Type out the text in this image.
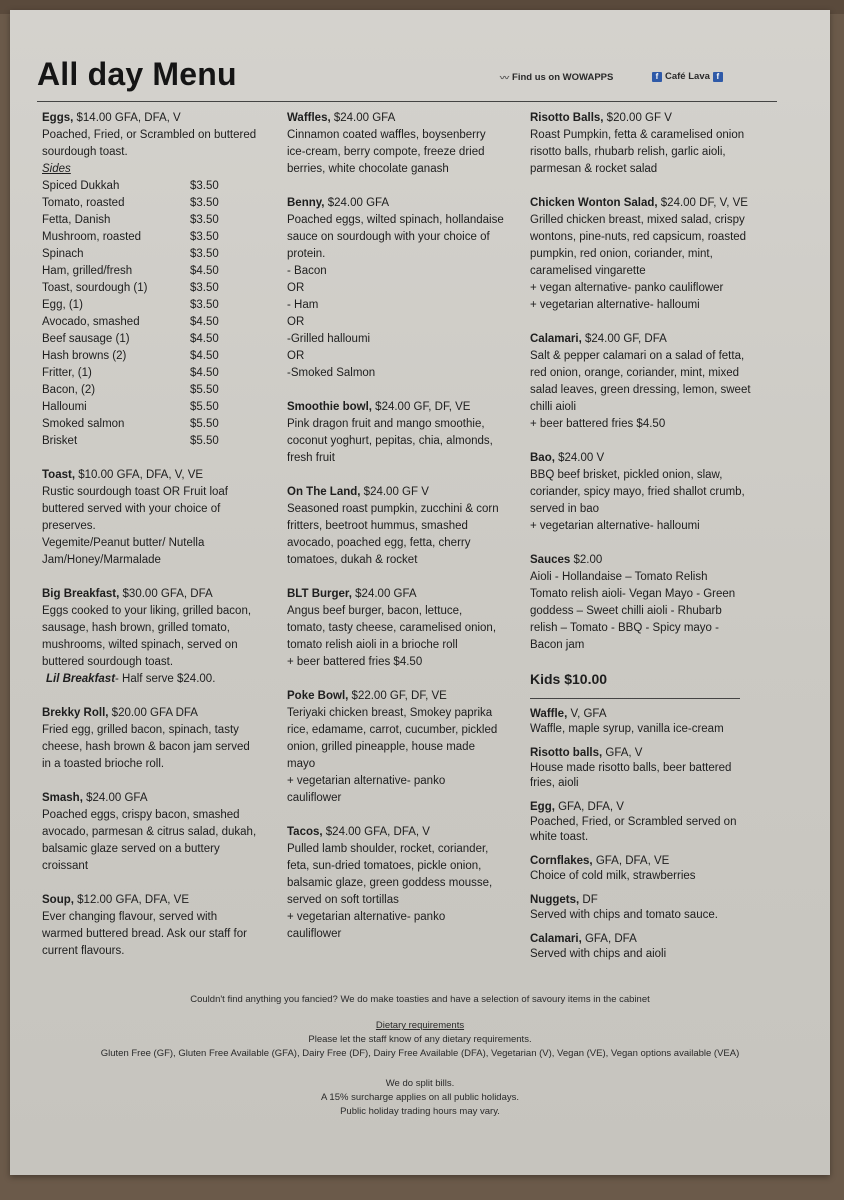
All day Menu	〰 Find us on WOWAPPS	f Café Lava f
Eggs, $14.00 GFA, DFA, V
Poached, Fried, or Scrambled on buttered
sourdough toast.
Sides
Spiced Dukkah	$3.50
Tomato, roasted	$3.50
Fetta, Danish	$3.50
Mushroom, roasted	$3.50
Spinach	$3.50
Ham, grilled/fresh	$4.50
Toast, sourdough (1)	$3.50
Egg, (1)	$3.50
Avocado, smashed	$4.50
Beef sausage (1)	$4.50
Hash browns (2)	$4.50
Fritter, (1)	$4.50
Bacon, (2)	$5.50
Halloumi	$5.50
Smoked salmon	$5.50
Brisket	$5.50
Toast, $10.00 GFA, DFA, V, VE
Rustic sourdough toast OR Fruit loaf
buttered served with your choice of
preserves.
Vegemite/Peanut butter/ Nutella
Jam/Honey/Marmalade
Big Breakfast, $30.00 GFA, DFA
Eggs cooked to your liking, grilled bacon,
sausage, hash brown, grilled tomato,
mushrooms, wilted spinach, served on
buttered sourdough toast.
Lil Breakfast- Half serve $24.00.
Brekky Roll, $20.00 GFA DFA
Fried egg, grilled bacon, spinach, tasty
cheese, hash brown & bacon jam served
in a toasted brioche roll.
Smash, $24.00 GFA
Poached eggs, crispy bacon, smashed
avocado, parmesan & citrus salad, dukah,
balsamic glaze served on a buttery
croissant
Soup, $12.00 GFA, DFA, VE
Ever changing flavour, served with
warmed buttered bread. Ask our staff for
current flavours.
Waffles, $24.00 GFA
Cinnamon coated waffles, boysenberry
ice-cream, berry compote, freeze dried
berries, white chocolate ganash
Benny, $24.00 GFA
Poached eggs, wilted spinach, hollandaise
sauce on sourdough with your choice of
protein.
- Bacon
OR
- Ham
OR
-Grilled halloumi
OR
-Smoked Salmon
Smoothie bowl, $24.00 GF, DF, VE
Pink dragon fruit and mango smoothie,
coconut yoghurt, pepitas, chia, almonds,
fresh fruit
On The Land, $24.00 GF V
Seasoned roast pumpkin, zucchini & corn
fritters, beetroot hummus, smashed
avocado, poached egg, fetta, cherry
tomatoes, dukah & rocket
BLT Burger, $24.00 GFA
Angus beef burger, bacon, lettuce,
tomato, tasty cheese, caramelised onion,
tomato relish aioli in a brioche roll
+ beer battered fries $4.50
Poke Bowl, $22.00 GF, DF, VE
Teriyaki chicken breast, Smokey paprika
rice, edamame, carrot, cucumber, pickled
onion, grilled pineapple, house made
mayo
+ vegetarian alternative- panko
cauliflower
Tacos, $24.00 GFA, DFA, V
Pulled lamb shoulder, rocket, coriander,
feta, sun-dried tomatoes, pickle onion,
balsamic glaze, green goddess mousse,
served on soft tortillas
+ vegetarian alternative- panko
cauliflower
Risotto Balls, $20.00 GF V
Roast Pumpkin, fetta & caramelised onion
risotto balls, rhubarb relish, garlic aioli,
parmesan & rocket salad
Chicken Wonton Salad, $24.00 DF, V, VE
Grilled chicken breast, mixed salad, crispy
wontons, pine-nuts, red capsicum, roasted
pumpkin, red onion, coriander, mint,
caramelised vingarette
+ vegan alternative- panko cauliflower
+ vegetarian alternative- halloumi
Calamari, $24.00 GF, DFA
Salt & pepper calamari on a salad of fetta,
red onion, orange, coriander, mint, mixed
salad leaves, green dressing, lemon, sweet
chilli aioli
+ beer battered fries $4.50
Bao, $24.00 V
BBQ beef brisket, pickled onion, slaw,
coriander, spicy mayo, fried shallot crumb,
served in bao
+ vegetarian alternative- halloumi
Sauces $2.00
Aioli - Hollandaise – Tomato Relish
Tomato relish aioli- Vegan Mayo - Green
goddess – Sweet chilli aioli - Rhubarb
relish – Tomato - BBQ - Spicy mayo -
Bacon jam
Kids $10.00
Waffle, V, GFA
Waffle, maple syrup, vanilla ice-cream
Risotto balls, GFA, V
House made risotto balls, beer battered
fries, aioli
Egg, GFA, DFA, V
Poached, Fried, or Scrambled served on
white toast.
Cornflakes, GFA, DFA, VE
Choice of cold milk, strawberries
Nuggets, DF
Served with chips and tomato sauce.
Calamari, GFA, DFA
Served with chips and aioli
Couldn't find anything you fancied? We do make toasties and have a selection of savoury items in the cabinet
Dietary requirements
Please let the staff know of any dietary requirements.
Gluten Free (GF), Gluten Free Available (GFA), Dairy Free (DF), Dairy Free Available (DFA), Vegetarian (V), Vegan (VE), Vegan options available (VEA)
We do split bills.
A 15% surcharge applies on all public holidays.
Public holiday trading hours may vary.
